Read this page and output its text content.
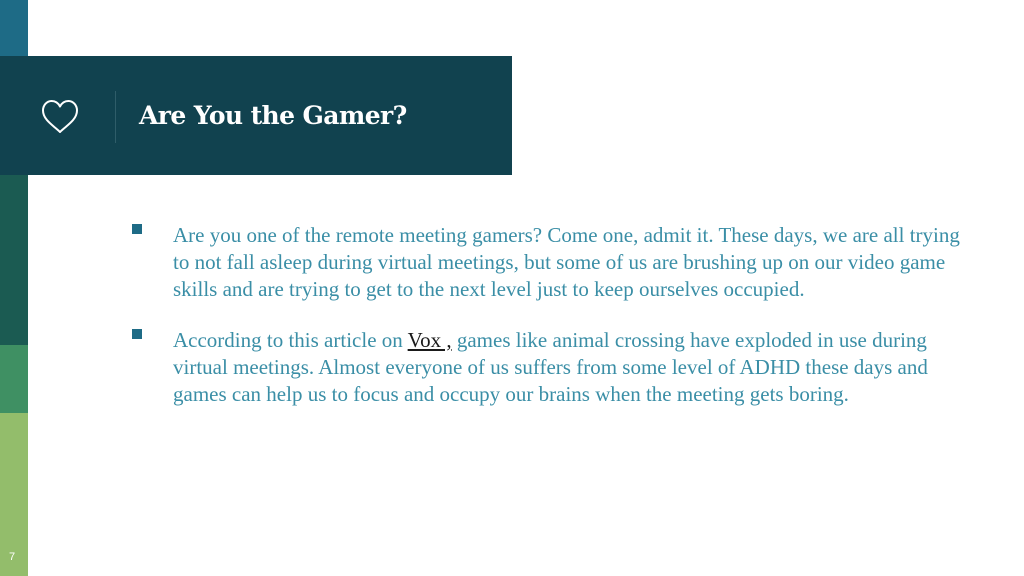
7
Are You the Gamer?

Are you one of the remote meeting gamers? Come one, admit it. These days, we are all trying to not fall asleep during virtual meetings, but some of us are brushing up on our video game skills and are trying to get to the next level just to keep ourselves occupied.

According to this article on Vox , games like animal crossing have exploded in use during virtual meetings. Almost everyone of us suffers from some level of ADHD these days and games can help us to focus and occupy our brains when the meeting gets boring.
